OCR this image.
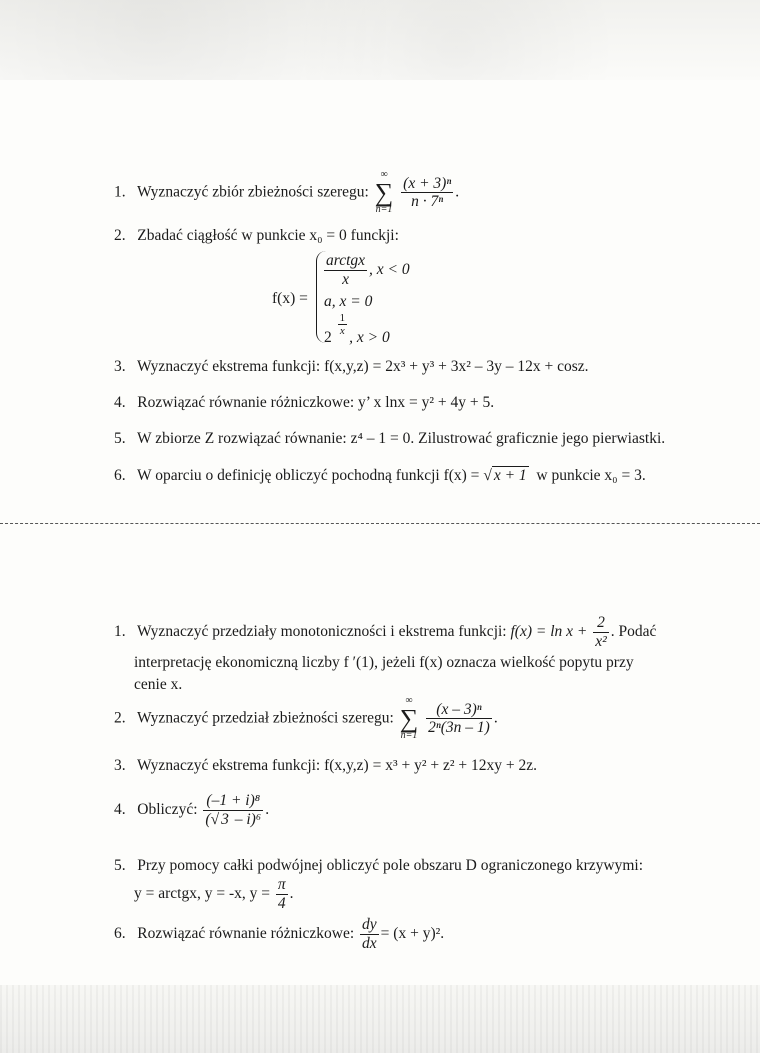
1. Wyznaczyć zbiór zbieżności szeregu: ∞
∑
$n=1 \frac{\text{(x + 3)ⁿ}}{\text{n · 7ⁿ}}$ .
2. Zbadać ciągłość w punkcie x₀ = 0 funckji:
f(x) =
$\frac{\text{arctgx}}{x}$ , x < 0
a, x = 0
2
$\frac{1}{x}$
, x > 0
3. Wyznaczyć ekstrema funkcji: f(x,y,z) = 2x³ + y³ + 3x² – 3y – 12x + cosz.
4. Rozwiązać równanie różniczkowe: y’ x lnx = y² + 4y + 5.
5. W zbiorze Z rozwiązać równanie: z⁴ – 1 = 0. Zilustrować graficznie jego pierwiastki.
6. W oparciu o definicję obliczyć pochodną funkcji f(x) = √ x + 1 w punkcie x₀ = 3.
1. Wyznaczyć przedziały monotoniczności i ekstrema funkcji: $f(x) = \ln x + \frac{2}{\text{x²}}$ . Podać
interpretację ekonomiczną liczby f ′(1), jeżeli f(x) oznacza wielkość popytu przy
cenie x.
2. Wyznaczyć przedział zbieżności szeregu: ∞
∑
$n=1 \frac{\text{(x – 3)ⁿ}}{\text{2ⁿ(3n – 1)}}$ .
3. Wyznaczyć ekstrema funkcji: f(x,y,z) = x³ + y² + z² + 12xy + 2z.
4. Obliczyć: $\frac{\text{(–1 + i)⁸}}{\text{(√ 3 – i)⁶}}$ .
5. Przy pomocy całki podwójnej obliczyć pole obszaru D ograniczonego krzywymi:
y = arctgx, y = -x, $y = \frac{\pi}{4}$ .
6. Rozwiązać równanie różniczkowe: $\frac{dy}{dx} = (x + y)^2$.
